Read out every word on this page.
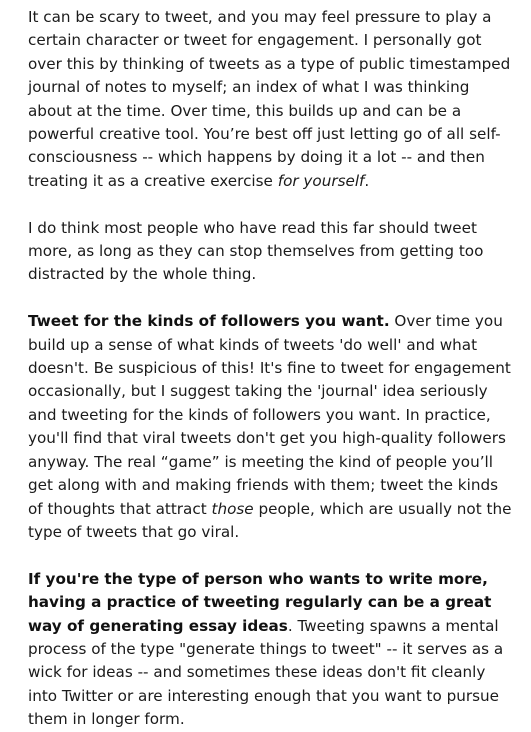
It can be scary to tweet, and you may feel pressure to play a certain character or tweet for engagement. I personally got over this by thinking of tweets as a type of public timestamped journal of notes to myself; an index of what I was thinking about at the time. Over time, this builds up and can be a powerful creative tool. You’re best off just letting go of all self-consciousness -- which happens by doing it a lot -- and then treating it as a creative exercise for yourself.

I do think most people who have read this far should tweet more, as long as they can stop themselves from getting too distracted by the whole thing.

Tweet for the kinds of followers you want. Over time you build up a sense of what kinds of tweets 'do well' and what doesn't. Be suspicious of this! It's fine to tweet for engagement occasionally, but I suggest taking the 'journal' idea seriously and tweeting for the kinds of followers you want. In practice, you'll find that viral tweets don't get you high-quality followers anyway. The real “game” is meeting the kind of people you’ll get along with and making friends with them; tweet the kinds of thoughts that attract those people, which are usually not the type of tweets that go viral.

If you're the type of person who wants to write more, having a practice of tweeting regularly can be a great way of generating essay ideas. Tweeting spawns a mental process of the type "generate things to tweet" -- it serves as a wick for ideas -- and sometimes these ideas don't fit cleanly into Twitter or are interesting enough that you want to pursue them in longer form.
